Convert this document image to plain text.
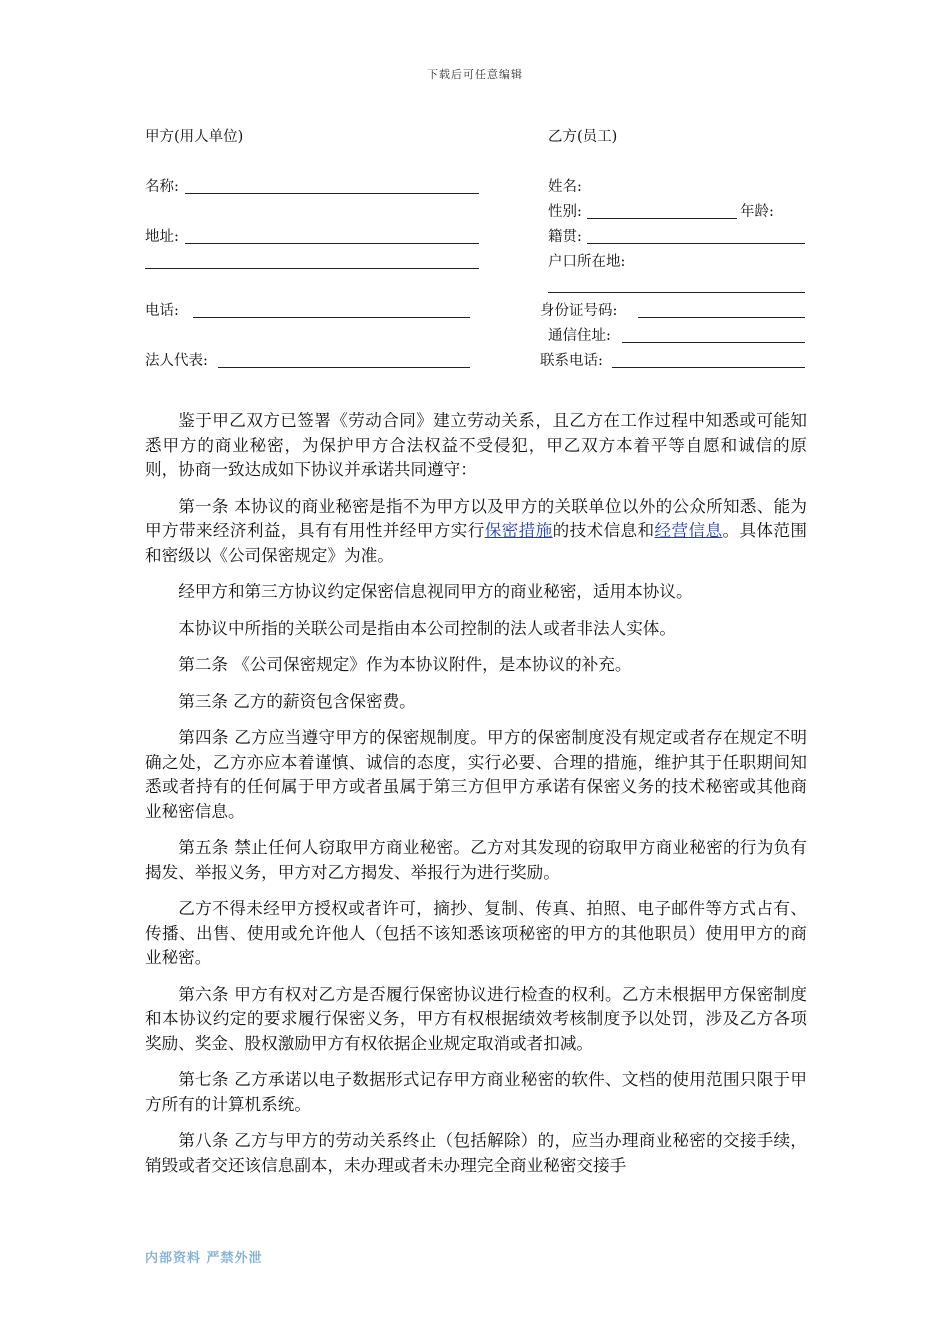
下载后可任意编辑
甲方(用人单位)
名称:
地址:
电话:
法人代表:
乙方(员工)
姓名:
性别:	年龄:
籍贯:
户口所在地:
身份证号码:
通信住址:
联系电话:

鉴于甲乙双方已签署《劳动合同》建立劳动关系，且乙方在工作过程中知悉或可能知悉甲方的商业秘密，为保护甲方合法权益不受侵犯，甲乙双方本着平等自愿和诚信的原则，协商一致达成如下协议并承诺共同遵守：

第一条 本协议的商业秘密是指不为甲方以及甲方的关联单位以外的公众所知悉、能为甲方带来经济利益，具有有用性并经甲方实行保密措施的技术信息和经营信息。具体范围和密级以《公司保密规定》为准。

经甲方和第三方协议约定保密信息视同甲方的商业秘密，适用本协议。

本协议中所指的关联公司是指由本公司控制的法人或者非法人实体。

第二条 《公司保密规定》作为本协议附件，是本协议的补充。

第三条 乙方的薪资包含保密费。

第四条 乙方应当遵守甲方的保密规制度。甲方的保密制度没有规定或者存在规定不明确之处，乙方亦应本着谨慎、诚信的态度，实行必要、合理的措施，维护其于任职期间知悉或者持有的任何属于甲方或者虽属于第三方但甲方承诺有保密义务的技术秘密或其他商业秘密信息。

第五条 禁止任何人窃取甲方商业秘密。乙方对其发现的窃取甲方商业秘密的行为负有揭发、举报义务，甲方对乙方揭发、举报行为进行奖励。

乙方不得未经甲方授权或者许可，摘抄、复制、传真、拍照、电子邮件等方式占有、传播、出售、使用或允许他人（包括不该知悉该项秘密的甲方的其他职员）使用甲方的商业秘密。

第六条 甲方有权对乙方是否履行保密协议进行检查的权利。乙方未根据甲方保密制度和本协议约定的要求履行保密义务，甲方有权根据绩效考核制度予以处罚，涉及乙方各项奖励、奖金、股权激励甲方有权依据企业规定取消或者扣减。

第七条 乙方承诺以电子数据形式记存甲方商业秘密的软件、文档的使用范围只限于甲方所有的计算机系统。

第八条 乙方与甲方的劳动关系终止（包括解除）的，应当办理商业秘密的交接手续，销毁或者交还该信息副本，未办理或者未办理完全商业秘密交接手

内部资料 严禁外泄
